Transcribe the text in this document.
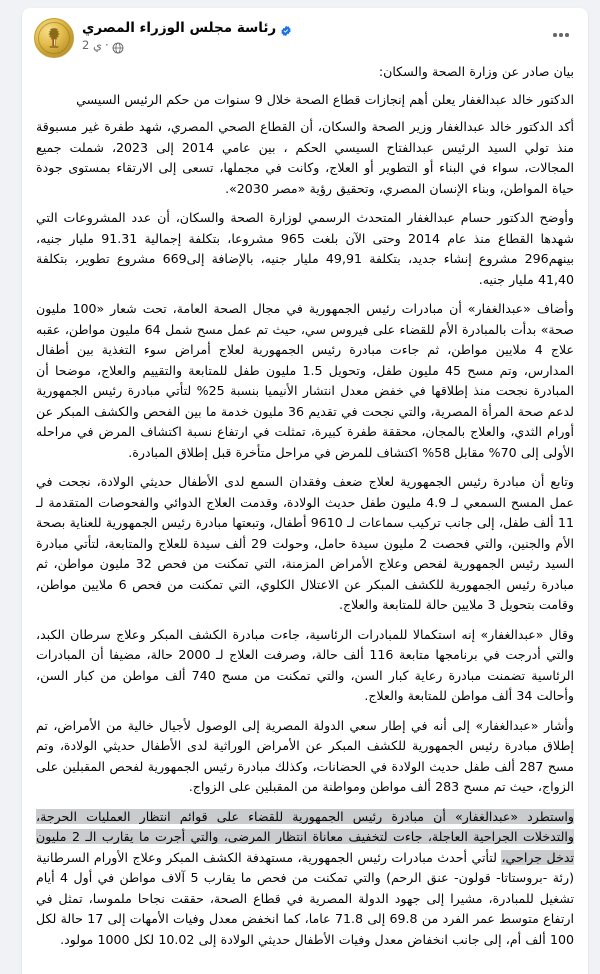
رئاسة مجلس الوزراء المصري
2 ي ·

بيان صادر عن وزارة الصحة والسكان:

الدكتور خالد عبدالغفار يعلن أهم إنجازات قطاع الصحة خلال 9 سنوات من حكم الرئيس السيسي

أكد الدكتور خالد عبدالغفار وزير الصحة والسكان، أن القطاع الصحي المصري، شهد طفرة غير مسبوقة منذ تولي السيد الرئيس عبدالفتاح السيسي الحكم ، بين عامي 2014 إلى 2023، شملت جميع المجالات، سواء في البناء أو التطوير أو العلاج، وكانت في مجملها، تسعى إلى الارتقاء بمستوى جودة حياة المواطن، وبناء الإنسان المصري، وتحقيق رؤية «مصر 2030».

وأوضح الدكتور حسام عبدالغفار المتحدث الرسمي لوزارة الصحة والسكان، أن عدد المشروعات التي شهدها القطاع منذ عام 2014 وحتى الآن بلغت 965 مشروعا، بتكلفة إجمالية 91.31 مليار جنيه، بينهم296 مشروع إنشاء جديد، بتكلفة 49,91 مليار جنيه، بالإضافة إلى669 مشروع تطوير، بتكلفة 41,40 مليار جنيه.

وأضاف «عبدالغفار» أن مبادرات رئيس الجمهورية في مجال الصحة العامة، تحت شعار «100 مليون صحة» بدأت بالمبادرة الأم للقضاء على فيروس سي، حيث تم عمل مسح شمل 64 مليون مواطن، عقبه علاج 4 ملايين مواطن، ثم جاءت مبادرة رئيس الجمهورية لعلاج أمراض سوء التغذية بين أطفال المدارس، وتم مسح 45 مليون طفل، وتحويل 1.5 مليون طفل للمتابعة والتقييم والعلاج، موضحا أن المبادرة نجحت منذ إطلاقها في خفض معدل انتشار الأنيميا بنسبة 25% لتأتي مبادرة رئيس الجمهورية لدعم صحة المرأة المصرية، والتي نجحت في تقديم 36 مليون خدمة ما بين الفحص والكشف المبكر عن أورام الثدي، والعلاج بالمجان، محققة طفرة كبيرة، تمثلت في ارتفاع نسبة اكتشاف المرض في مراحله الأولى إلى 70% مقابل 58% اكتشاف للمرض في مراحل متأخرة قبل إطلاق المبادرة.

وتابع أن مبادرة رئيس الجمهورية لعلاج ضعف وفقدان السمع لدى الأطفال حديثي الولادة، نجحت في عمل المسح السمعي لـ 4.9 مليون طفل حديث الولادة، وقدمت العلاج الدوائي والفحوصات المتقدمة لـ 11 ألف طفل، إلى جانب تركيب سماعات لـ 9610 أطفال، وتبعتها مبادرة رئيس الجمهورية للعناية بصحة الأم والجنين، والتي فحصت 2 مليون سيدة حامل، وحولت 29 ألف سيدة للعلاج والمتابعة، لتأتي مبادرة السيد رئيس الجمهورية لفحص وعلاج الأمراض المزمنة، التي تمكنت من فحص 32 مليون مواطن، ثم مبادرة رئيس الجمهورية للكشف المبكر عن الاعتلال الكلوي، التي تمكنت من فحص 6 ملايين مواطن، وقامت بتحويل 3 ملايين حالة للمتابعة والعلاج.

وقال «عبدالغفار» إنه استكمالا للمبادرات الرئاسية، جاءت مبادرة الكشف المبكر وعلاج سرطان الكبد، والتي أدرجت في برنامجها متابعة 116 ألف حالة، وصرفت العلاج لـ 2000 حالة، مضيفا أن المبادرات الرئاسية تضمنت مبادرة رعاية كبار السن، والتي تمكنت من مسح 740 ألف مواطن من كبار السن، وأحالت 34 ألف مواطن للمتابعة والعلاج.

وأشار «عبدالغفار» إلى أنه في إطار سعي الدولة المصرية إلى الوصول لأجيال خالية من الأمراض، تم إطلاق مبادرة رئيس الجمهورية للكشف المبكر عن الأمراض الوراثية لدى الأطفال حديثي الولادة، وتم مسح 287 ألف طفل حديث الولادة في الحضانات، وكذلك مبادرة رئيس الجمهورية لفحص المقبلين على الزواج، حيث تم مسح 283 ألف مواطن ومواطنة من المقبلين على الزواج.

واستطرد «عبدالغفار» أن مبادرة رئيس الجمهورية للقضاء على قوائم انتظار العمليات الحرجة، والتدخلات الجراحية العاجلة، جاءت لتخفيف معاناة انتظار المرضى، والتي أجرت ما يقارب الـ 2 مليون تدخل جراحي، لتأتي أحدث مبادرات رئيس الجمهورية، مستهدفة الكشف المبكر وعلاج الأورام السرطانية (رئة -بروستاتا- قولون- عنق الرحم) والتي تمكنت من فحص ما يقارب 5 آلاف مواطن في أول 4 أيام تشغيل للمبادرة، مشيرا إلى جهود الدولة المصرية في قطاع الصحة، حققت نجاحا ملموسا، تمثل في ارتفاع متوسط عمر الفرد من 69.8 إلى 71.8 عاما، كما انخفض معدل وفيات الأمهات إلى 17 حالة لكل 100 ألف أم، إلى جانب انخفاض معدل وفيات الأطفال حديثي الولادة إلى 10.02 لكل 1000 مولود.
